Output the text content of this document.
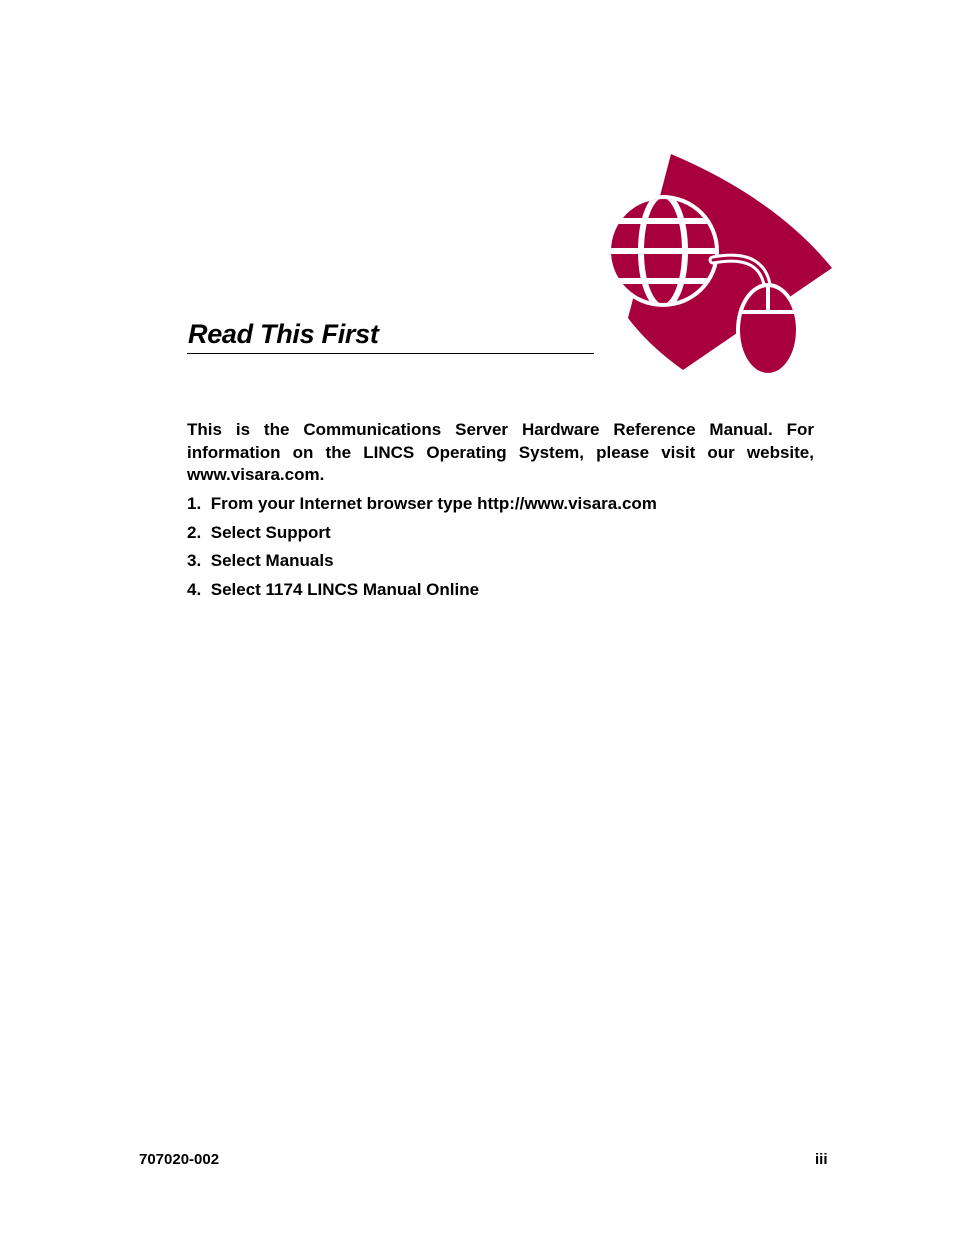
Read This First

This is the Communications Server Hardware Reference Manual. For information on the LINCS Operating System, please visit our website, www.visara.com.

1. From your Internet browser type http://www.visara.com
2. Select Support
3. Select Manuals
4. Select 1174 LINCS Manual Online
707020-002	iii
